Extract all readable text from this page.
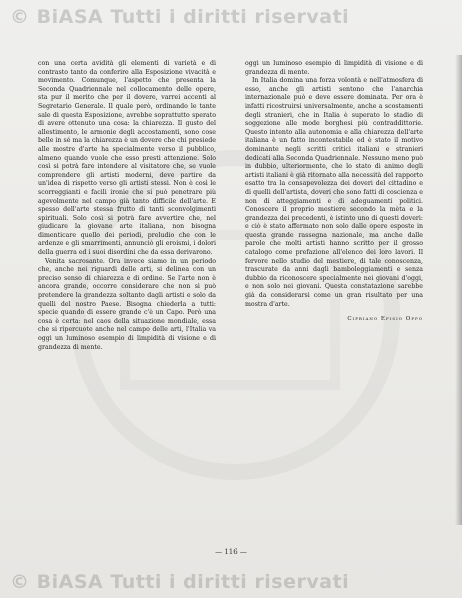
© BiASA Tutti i diritti riservati

con una certa avidità gli elementi di varietà e di contrasto tanto da conferire alla Esposizione vivacità e movimento. Comunque, l'aspetto che presenta la Seconda Quadriennale nel collocamento delle opere, sta pur il merito che per il dovere, varrei accenti al Segretario Generale. Il quale però, ordinando le tante sale di questa Esposizione, avrebbe soprattutto sperato di avere ottenuto una cosa: la chiarezza. Il gusto del allestimento, le armonie degli accostamenti, sono cose belle in sé ma la chiarezza è un dovere che chi presiede alle mostre d'arte ha specialmente verso il pubblico, almeno quando vuole che esso presti attenzione. Solo così si potrà fare intendere al visitatore che, se vuole comprendere gli artisti moderni, deve partire da un'idea di rispetto verso gli artisti stessi. Non è così le scorreggianti e facili ironie che si può penetrare più agevolmente nel campo già tanto difficile dell'arte. E spesso dell'arte stessa frutto di tanti sconvolgimenti spirituali. Solo così si potrà fare avvertire che, nel giudicare la giovane arte italiana, non bisogna dimenticare quello dei periodi, preludio che con le ardenze e gli smarrimenti, annunciò gli eroismi, i dolori della guerra ed i suoi disordini che da essa derivarono.

Venita sacrosante. Ora invece siamo in un periodo che, anche nei riguardi delle arti, si delinea con un preciso senso di chiarezza e di ordine. Se l'arte non è ancora grande, occorre considerare che non si può pretendere la grandezza soltanto dagli artisti e solo da quelli del nostro Paese. Bisogna chiederla a tutti: specie quando di essere grande c'è un Capo. Però una cosa è certa: nel caos della situazione mondiale, essa che si ripercuote anche nel campo delle arti, l'Italia va oggi un luminoso esempio di limpidità di visione e di grandezza di mente.

oggi un luminoso esempio di limpidità di visione e di grandezza di mente.

In Italia domina una forza volontà e nell'atmosfera di esso, anche gli artisti sentono che l'anarchia internazionale può e deve essere dominata. Per ora è infatti ricostruirsi universalmente, anche a scostamenti degli stranieri, che in Italia è superato lo stadio di soggezione alle mode borghesi più contraddittorie. Questo intento alla autonomia e alla chiarezza dell'arte italiana è un fatto incontestabile ed è stato il motivo dominante negli scritti critici italiani e stranieri dedicati alla Seconda Quadriennale. Nessuno meno può in dubbio, ulteriormente, che lo stato di animo degli artisti italiani è già ritornato alla necessità del rapporto esatto tra la consapevolezza dei doveri del cittadino e di quelli dell'artista, doveri che sono fatti di coscienza e non di atteggiamenti e di adeguamenti politici. Conoscere il proprio mestiere secondo la mèta e la grandezza dei precedenti, è istinto uno di questi doveri: e ciò è stato affermato non solo dalle opere esposte in questa grande rassegna nazionale, ma anche dalle parole che molti artisti hanno scritto per il grosso catalogo come prefazione all'elenco dei loro lavori. Il fervore nello studio del mestiere, di tale conoscenza, trascurate da anni dagli bamboleggiamenti e senza dubbio da riconoscere specialmente nei giovani d'oggi, e non solo nei giovani. Questa constatazione sarebbe già da considerarsi come un gran risultato per una mostra d'arte.

Cipriano Efisio Oppo
— 116 —
© BiASA Tutti i diritti riservati
